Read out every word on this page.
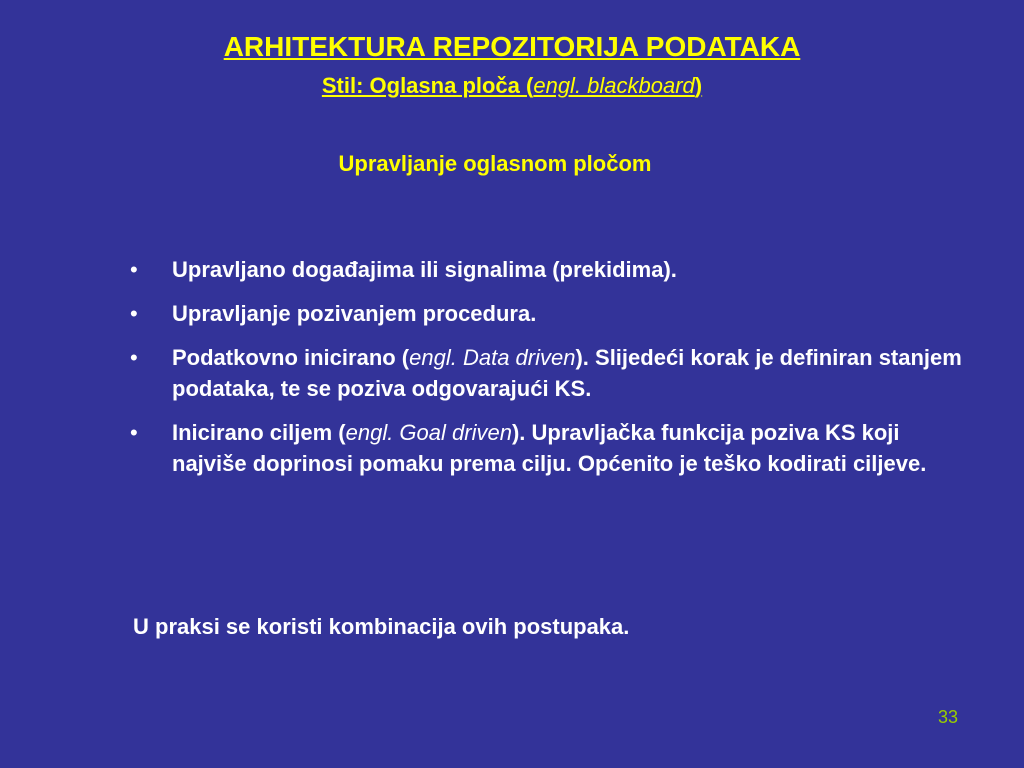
ARHITEKTURA REPOZITORIJA PODATAKA
Stil: Oglasna ploča (engl. blackboard)
Upravljanje oglasnom pločom
• Upravljano događajima ili signalima (prekidima).
• Upravljanje pozivanjem procedura.
• Podatkovno inicirano (engl. Data driven). Slijedeći korak je definiran stanjem podataka, te se poziva odgovarajući KS.
• Inicirano ciljem (engl. Goal driven). Upravljačka funkcija poziva KS koji najviše doprinosi pomaku prema cilju. Općenito je teško kodirati ciljeve.

U praksi se koristi kombinacija ovih postupaka.

33
